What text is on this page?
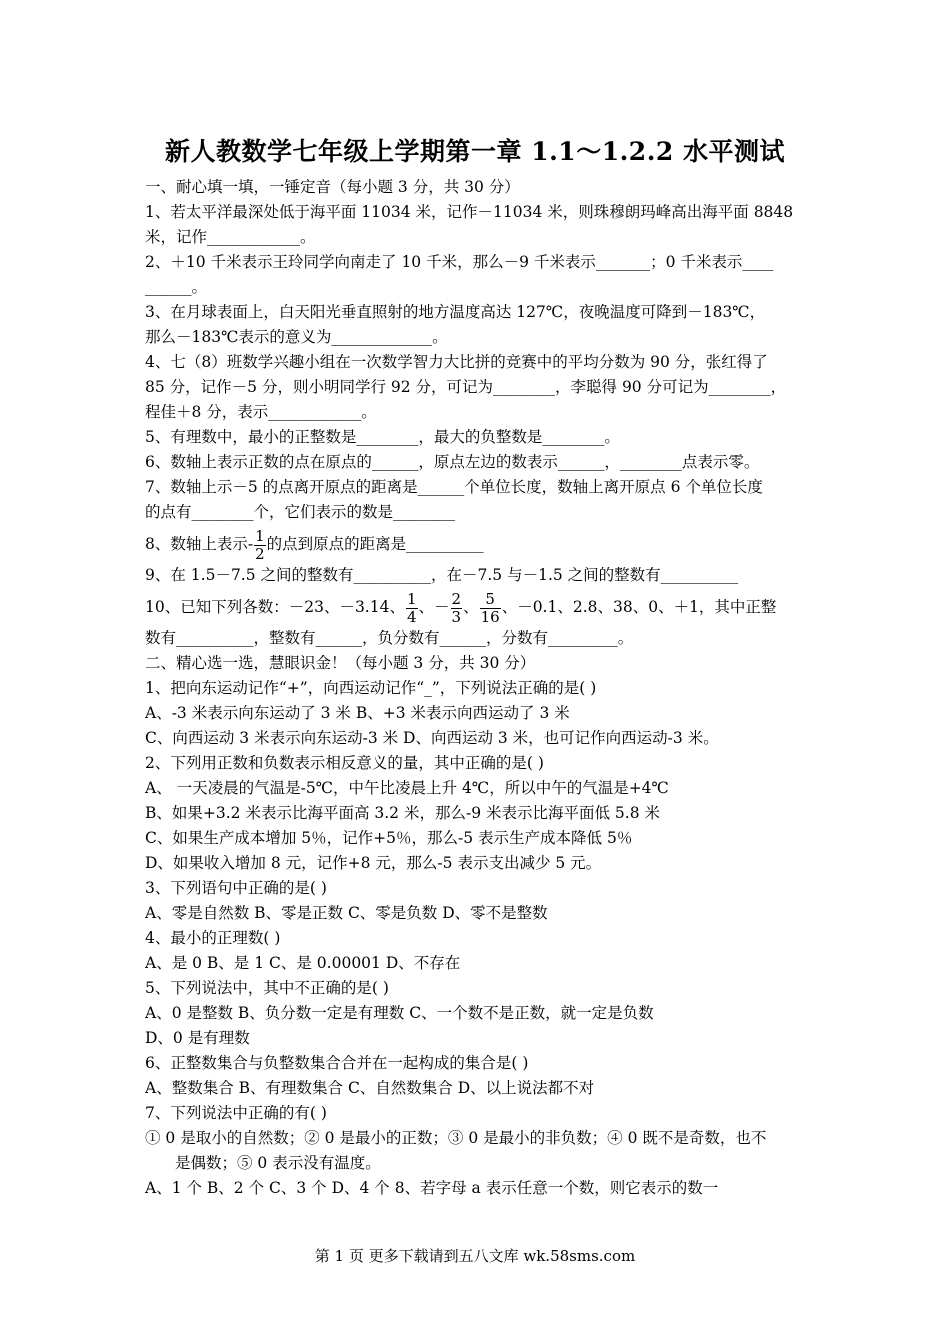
新人教数学七年级上学期第一章 1.1～1.2.2 水平测试
一、耐心填一填，一锤定音（每小题 3 分，共 30 分）
1、若太平洋最深处低于海平面 11034 米，记作－11034 米，则珠穆朗玛峰高出海平面 8848
米，记作____________。
2、＋10 千米表示王玲同学向南走了 10 千米，那么－9 千米表示_______；0 千米表示____
______。
3、在月球表面上，白天阳光垂直照射的地方温度高达 127℃，夜晚温度可降到－183℃，
那么－183℃表示的意义为_____________。
4、七（8）班数学兴趣小组在一次数学智力大比拼的竞赛中的平均分数为 90 分，张红得了
85 分，记作－5 分，则小明同学行 92 分，可记为________，李聪得 90 分可记为________，
程佳＋8 分，表示____________。
5、有理数中，最小的正整数是________，最大的负整数是________。
6、数轴上表示正数的点在原点的______，原点左边的数表示______，________点表示零。
7、数轴上示－5 的点离开原点的距离是______个单位长度，数轴上离开原点 6 个单位长度
的点有________个，它们表示的数是________
8、数轴上表示- $\frac{1}{2}$ 的点到原点的距离是__________
9、在 1.5－7.5 之间的整数有__________，在－7.5 与－1.5 之间的整数有__________
10、已知下列各数：－23、－3.14、 $\frac{1}{4}$ 、－ $\frac{2}{3}$ 、 $\frac{5}{16}$ 、－0.1、2.8、38、0、＋1，其中正整
数有__________，整数有______，负分数有______，分数有_________。
二、精心选一选，慧眼识金！（每小题 3 分，共 30 分）
1、把向东运动记作“+”，向西运动记作“_”，下列说法正确的是( )
A、-3 米表示向东运动了 3 米 B、+3 米表示向西运动了 3 米
C、向西运动 3 米表示向东运动-3 米 D、向西运动 3 米，也可记作向西运动-3 米。
2、下列用正数和负数表示相反意义的量，其中正确的是( )
A、 一天凌晨的气温是-5℃，中午比凌晨上升 4℃，所以中午的气温是+4℃
B、如果+3.2 米表示比海平面高 3.2 米，那么-9 米表示比海平面低 5.8 米
C、如果生产成本增加 5％，记作+5％，那么-5 表示生产成本降低 5％
D、如果收入增加 8 元，记作+8 元，那么-5 表示支出减少 5 元。
3、下列语句中正确的是( )
A、零是自然数 B、零是正数 C、零是负数 D、零不是整数
4、最小的正理数( )
A、是 0 B、是 1 C、是 0.00001 D、不存在
5、下列说法中，其中不正确的是( )
A、0 是整数 B、负分数一定是有理数 C、一个数不是正数，就一定是负数
D、0 是有理数
6、正整数集合与负整数集合合并在一起构成的集合是( )
A、整数集合 B、有理数集合 C、自然数集合 D、以上说法都不对
7、下列说法中正确的有( )
① 0 是取小的自然数；② 0 是最小的正数；③ 0 是最小的非负数；④ 0 既不是奇数，也不
是偶数；⑤ 0 表示没有温度。
A、1 个 B、2 个 C、3 个 D、4 个 8、若字母 a 表示任意一个数，则它表示的数一
第 1 页 更多下载请到五八文库 wk.58sms.com
